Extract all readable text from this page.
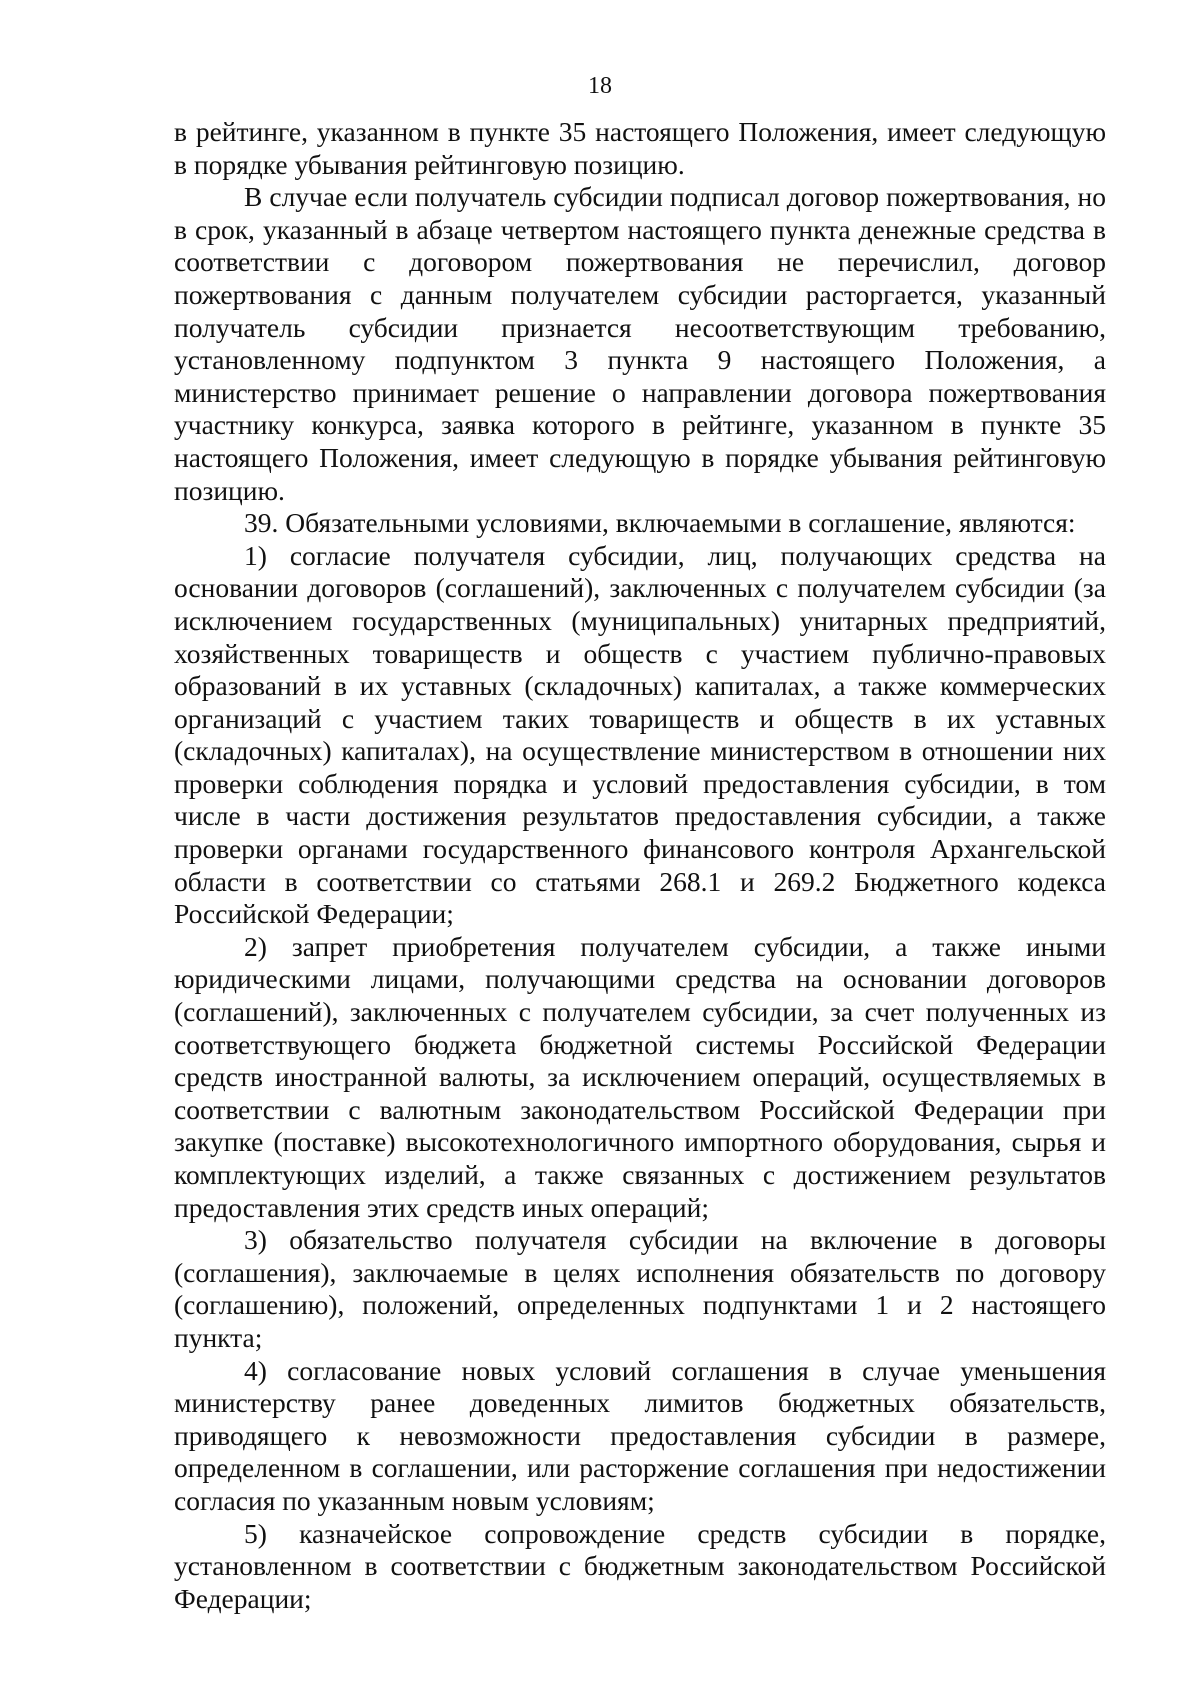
18

в рейтинге, указанном в пункте 35 настоящего Положения, имеет следующую в порядке убывания рейтинговую позицию.

В случае если получатель субсидии подписал договор пожертвования, но в срок, указанный в абзаце четвертом настоящего пункта денежные средства в соответствии с договором пожертвования не перечислил, договор пожертвования с данным получателем субсидии расторгается, указанный получатель субсидии признается несоответствующим требованию, установленному подпунктом 3 пункта 9 настоящего Положения, а министерство принимает решение о направлении договора пожертвования участнику конкурса, заявка которого в рейтинге, указанном в пункте 35 настоящего Положения, имеет следующую в порядке убывания рейтинговую позицию.

39. Обязательными условиями, включаемыми в соглашение, являются:

1) согласие получателя субсидии, лиц, получающих средства на основании договоров (соглашений), заключенных с получателем субсидии (за исключением государственных (муниципальных) унитарных предприятий, хозяйственных товариществ и обществ с участием публично-правовых образований в их уставных (складочных) капиталах, а также коммерческих организаций с участием таких товариществ и обществ в их уставных (складочных) капиталах), на осуществление министерством в отношении них проверки соблюдения порядка и условий предоставления субсидии, в том числе в части достижения результатов предоставления субсидии, а также проверки органами государственного финансового контроля Архангельской области в соответствии со статьями 268.1 и 269.2 Бюджетного кодекса Российской Федерации;

2) запрет приобретения получателем субсидии, а также иными юридическими лицами, получающими средства на основании договоров (соглашений), заключенных с получателем субсидии, за счет полученных из соответствующего бюджета бюджетной системы Российской Федерации средств иностранной валюты, за исключением операций, осуществляемых в соответствии с валютным законодательством Российской Федерации при закупке (поставке) высокотехнологичного импортного оборудования, сырья и комплектующих изделий, а также связанных с достижением результатов предоставления этих средств иных операций;

3) обязательство получателя субсидии на включение в договоры (соглашения), заключаемые в целях исполнения обязательств по договору (соглашению), положений, определенных подпунктами 1 и 2 настоящего пункта;

4) согласование новых условий соглашения в случае уменьшения министерству ранее доведенных лимитов бюджетных обязательств, приводящего к невозможности предоставления субсидии в размере, определенном в соглашении, или расторжение соглашения при недостижении согласия по указанным новым условиям;

5) казначейское сопровождение средств субсидии в порядке, установленном в соответствии с бюджетным законодательством Российской Федерации;
